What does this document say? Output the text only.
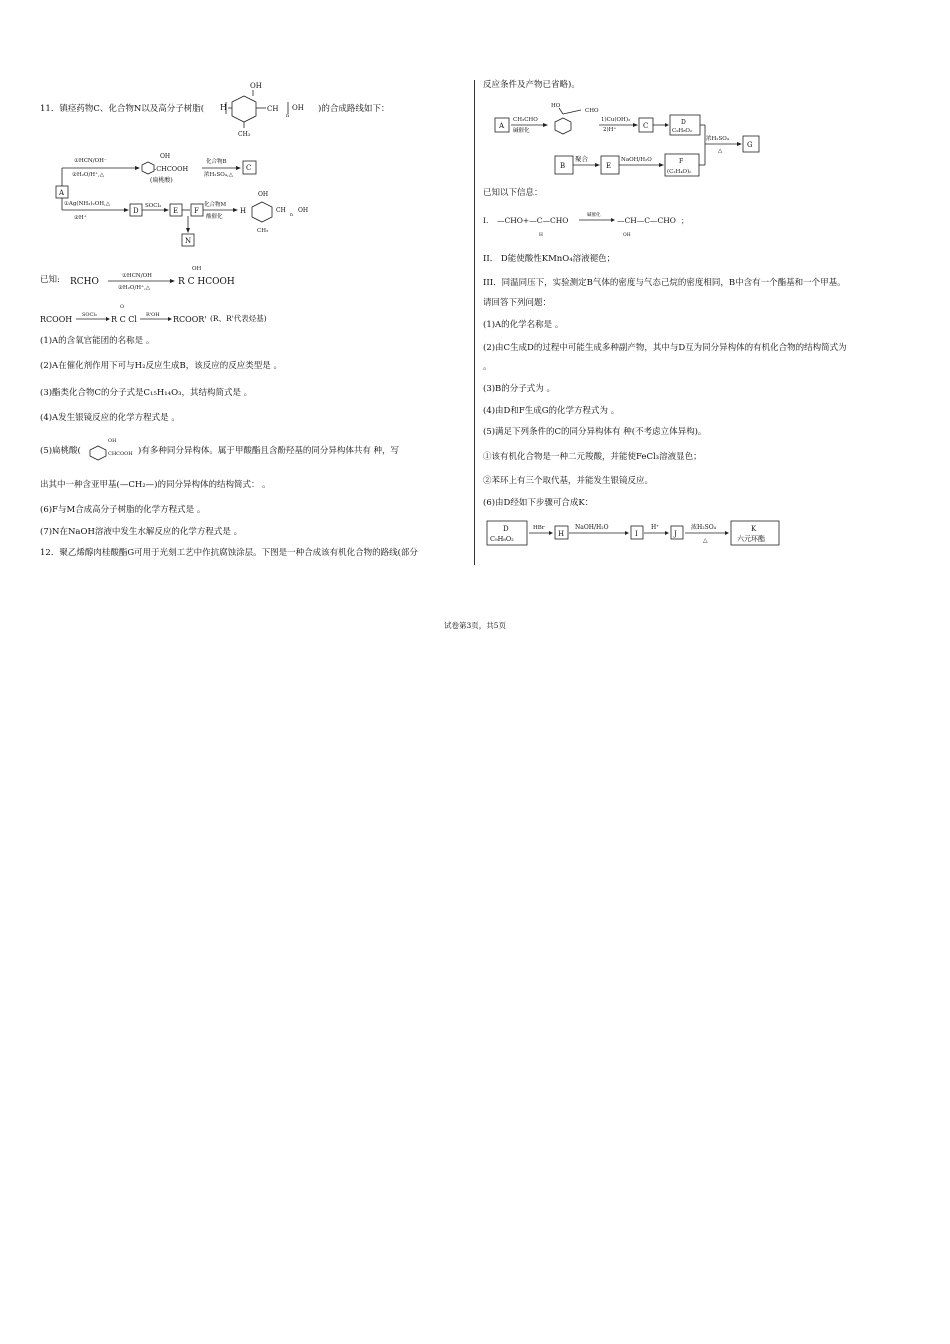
11．镇痉药物C、化合物N以及高分子树脂(
OH
H	CH
CH₃
OH
n
)的合成路线如下：
A
①HCN/OH⁻
②H₂O/H⁺,△
OH
-CHCOOH
(扁桃酸)
化合物B
浓H₂SO₄,△
C
①Ag(NH₃)₂OH,△
②H⁺
D
SOCl₂
E F
化合物M
酸催化
N
H
OH
CH OH
CH₃
n
已知: RCHO
①HCN/OH
②H₂O/H⁺,△
OH
R C HCOOH
RCOOH SOCl₂
O
R C Cl R'OH RCOOR' (R、R'代表烃基)
(1)A的含氧官能团的名称是 。
(2)A在催化剂作用下可与H₂反应生成B，该反应的反应类型是 。
(3)酯类化合物C的分子式是C₁₅H₁₄O₃，其结构简式是 。
(4)A发生银镜反应的化学方程式是 。
(5)扁桃酸(
OH
CHCOOH )有多种同分异构体。属于甲酸酯且含酚羟基的同分异构体共有 种，写
出其中一种含亚甲基(—CH₂—)的同分异构体的结构简式： 。
(6)F与M合成高分子树脂的化学方程式是 。
(7)N在NaOH溶液中发生水解反应的化学方程式是 。
12．聚乙烯醇肉桂酸酯G可用于光刻工艺中作抗腐蚀涂层。下图是一种合成该有机化合物的路线(部分
反应条件及产物已省略)。
A
CH₃CHO
碱催化
HO
CHO
1)Cu(OH)₂
2)H⁺	C	D
C₉H₈O₂
浓H₂SO₄
△
G
B
聚合
E
NaOH/H₂O	F
(C₂H₄O)ₙ
已知以下信息：
I. —CHO+—C—CHO
H
碱催化
—CH—C—CHO
OH
；
II． D能使酸性KMnO₄溶液褪色；
III．同温同压下，实验测定B气体的密度与气态己烷的密度相同，B中含有一个酯基和一个甲基。
请回答下列问题：
(1)A的化学名称是 。
(2)由C生成D的过程中可能生成多种副产物，其中与D互为同分异构体的有机化合物的结构简式为
。
(3)B的分子式为 。
(4)由D和F生成G的化学方程式为 。
(5)满足下列条件的C的同分异构体有 种(不考虑立体异构)。
①该有机化合物是一种二元羧酸，并能使FeCl₃溶液显色；
②苯环上有三个取代基，并能发生银镜反应。
(6)由D经如下步骤可合成K：
D
C₉H₈O₂
HBr
H
NaOH/H₂O
I
H⁺
J
浓H₂SO₄
△
K
六元环酯
试卷第3页，共5页
